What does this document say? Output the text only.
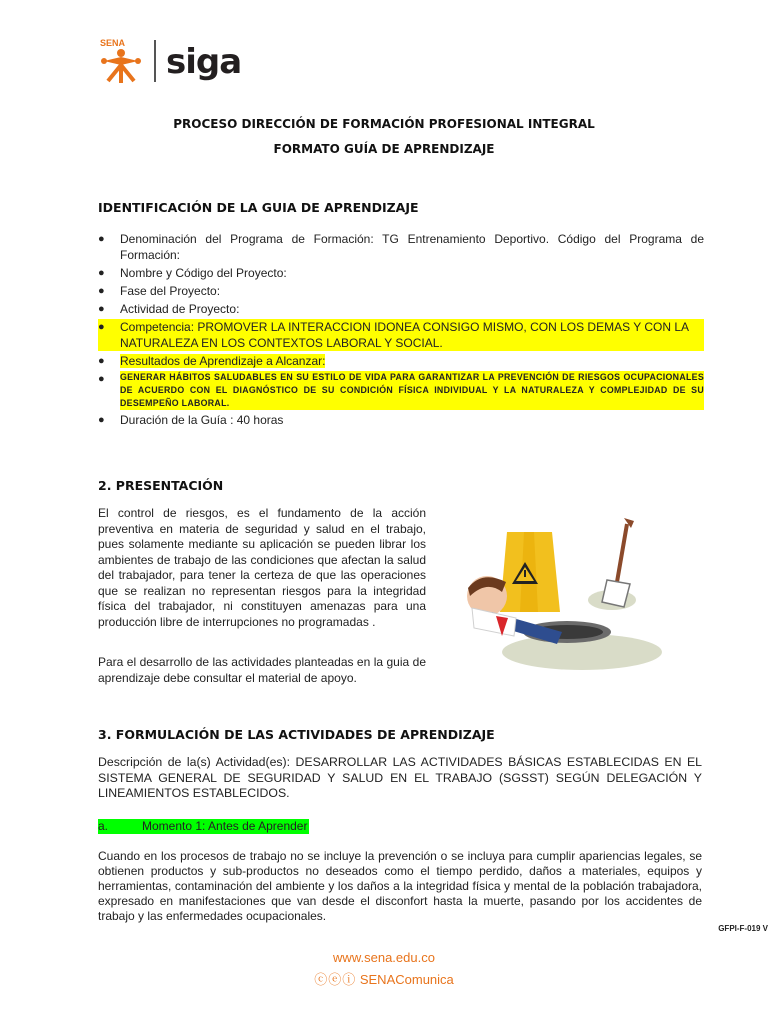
SENA siga
PROCESO DIRECCIÓN DE FORMACIÓN PROFESIONAL INTEGRAL
FORMATO GUÍA DE APRENDIZAJE
IDENTIFICACIÓN DE LA GUIA DE APRENDIZAJE
● Denominación del Programa de Formación: TG Entrenamiento Deportivo. Código del Programa de Formación:
● Nombre y Código del Proyecto:
● Fase del Proyecto:
● Actividad de Proyecto:
● Competencia: PROMOVER LA INTERACCION IDONEA CONSIGO MISMO, CON LOS DEMAS Y CON LA NATURALEZA EN LOS CONTEXTOS LABORAL Y SOCIAL.
● Resultados de Aprendizaje a Alcanzar:
● GENERAR HÁBITOS SALUDABLES EN SU ESTILO DE VIDA PARA GARANTIZAR LA PREVENCIÓN DE RIESGOS OCUPACIONALES DE ACUERDO CON EL DIAGNÓSTICO DE SU CONDICIÓN FÍSICA INDIVIDUAL Y LA NATURALEZA Y COMPLEJIDAD DE SU DESEMPEÑO LABORAL.
● Duración de la Guía : 40 horas
2. PRESENTACIÓN
El control de riesgos, es el fundamento de la acción preventiva en materia de seguridad y salud en el trabajo, pues solamente mediante su aplicación se pueden librar los ambientes de trabajo de las condiciones que afectan la salud del trabajador, para tener la certeza de que las operaciones que se realizan no representan riesgos para la integridad física del trabajador, ni constituyen amenazas para una producción libre de interrupciones no programadas .
Para el desarrollo de las actividades planteadas en la guia de aprendizaje debe consultar el material de apoyo.
3. FORMULACIÓN DE LAS ACTIVIDADES DE APRENDIZAJE
Descripción de la(s) Actividad(es): DESARROLLAR LAS ACTIVIDADES BÁSICAS ESTABLECIDAS EN EL SISTEMA GENERAL DE SEGURIDAD Y SALUD EN EL TRABAJO (SGSST) SEGÚN DELEGACIÓN Y LINEAMIENTOS ESTABLECIDOS.
a.	Momento 1: Antes de Aprender
Cuando en los procesos de trabajo no se incluye la prevención o se incluya para cumplir apariencias legales, se obtienen productos y sub-productos no deseados como el tiempo perdido, daños a materiales, equipos y herramientas, contaminación del ambiente y los daños a la integridad física y mental de la población trabajadora, expresado en manifestaciones que van desde el disconfort hasta la muerte, pasando por los accidentes de trabajo y las enfermedades ocupacionales.
GFPI-F-019 V
www.sena.edu.co
ⓒⓔⓘ SENAComunica
